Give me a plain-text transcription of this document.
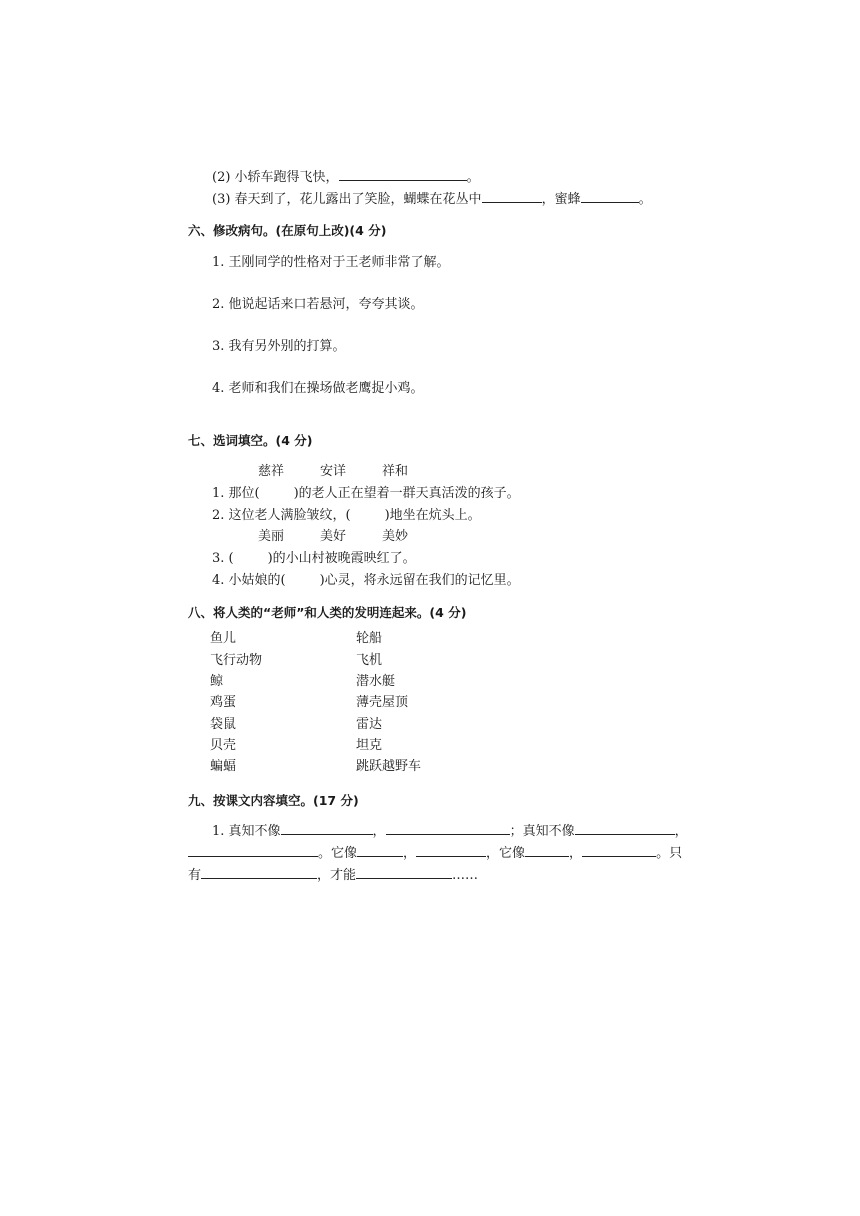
(2) 小轿车跑得飞快，	。
(3) 春天到了，花儿露出了笑脸，蝴蝶在花丛中	，蜜蜂	。
六、修改病句。(在原句上改)(4 分)
1. 王刚同学的性格对于王老师非常了解。
2. 他说起话来口若悬河，夸夸其谈。
3. 我有另外别的打算。
4. 老师和我们在操场做老鹰捉小鸡。
七、选词填空。(4 分)
慈祥	安详	祥和
1. 那位(	)的老人正在望着一群天真活泼的孩子。
2. 这位老人满脸皱纹，(	)地坐在炕头上。
美丽	美好	美妙
3. (	)的小山村被晚霞映红了。
4. 小姑娘的(	)心灵，将永远留在我们的记忆里。
八、将人类的“老师”和人类的发明连起来。(4 分)
鱼儿	轮船
飞行动物	飞机
鲸	潜水艇
鸡蛋	薄壳屋顶
袋鼠	雷达
贝壳	坦克
蝙蝠	跳跃越野车
九、按课文内容填空。(17 分)
1. 真知不像	，	；真知不像	，
。它像	，	，它像	，	。只
有	，才能	……
